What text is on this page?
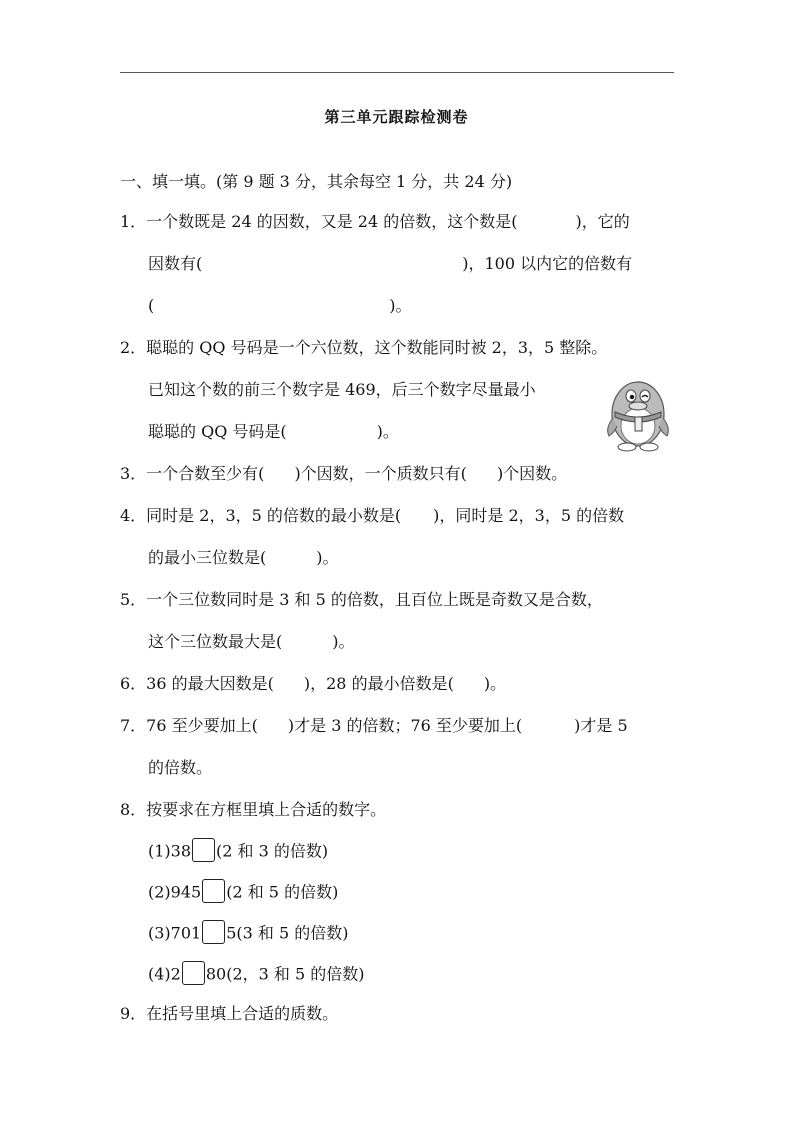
第三单元跟踪检测卷
一、填一填。(第 9 题 3 分，其余每空 1 分，共 24 分)
1．一个数既是 24 的因数，又是 24 的倍数，这个数是(	)，它的
因数有(	)，100 以内它的倍数有
(	)。
2．聪聪的 QQ 号码是一个六位数，这个数能同时被 2，3，5 整除。
已知这个数的前三个数字是 469，后三个数字尽量最小
聪聪的 QQ 号码是(	)。
3．一个合数至少有( )个因数，一个质数只有( )个因数。
4．同时是 2，3，5 的倍数的最小数是( )，同时是 2，3，5 的倍数
的最小三位数是(	)。
5．一个三位数同时是 3 和 5 的倍数，且百位上既是奇数又是合数，
这个三位数最大是(	)。
6．36 的最大因数是( )，28 的最小倍数是( )。
7．76 至少要加上( )才是 3 的倍数；76 至少要加上(	)才是 5
的倍数。
8．按要求在方框里填上合适的数字。
(1)38 (2 和 3 的倍数)
(2)945 (2 和 5 的倍数)
(3)701 5(3 和 5 的倍数)
(4)2 80(2，3 和 5 的倍数)
9．在括号里填上合适的质数。
